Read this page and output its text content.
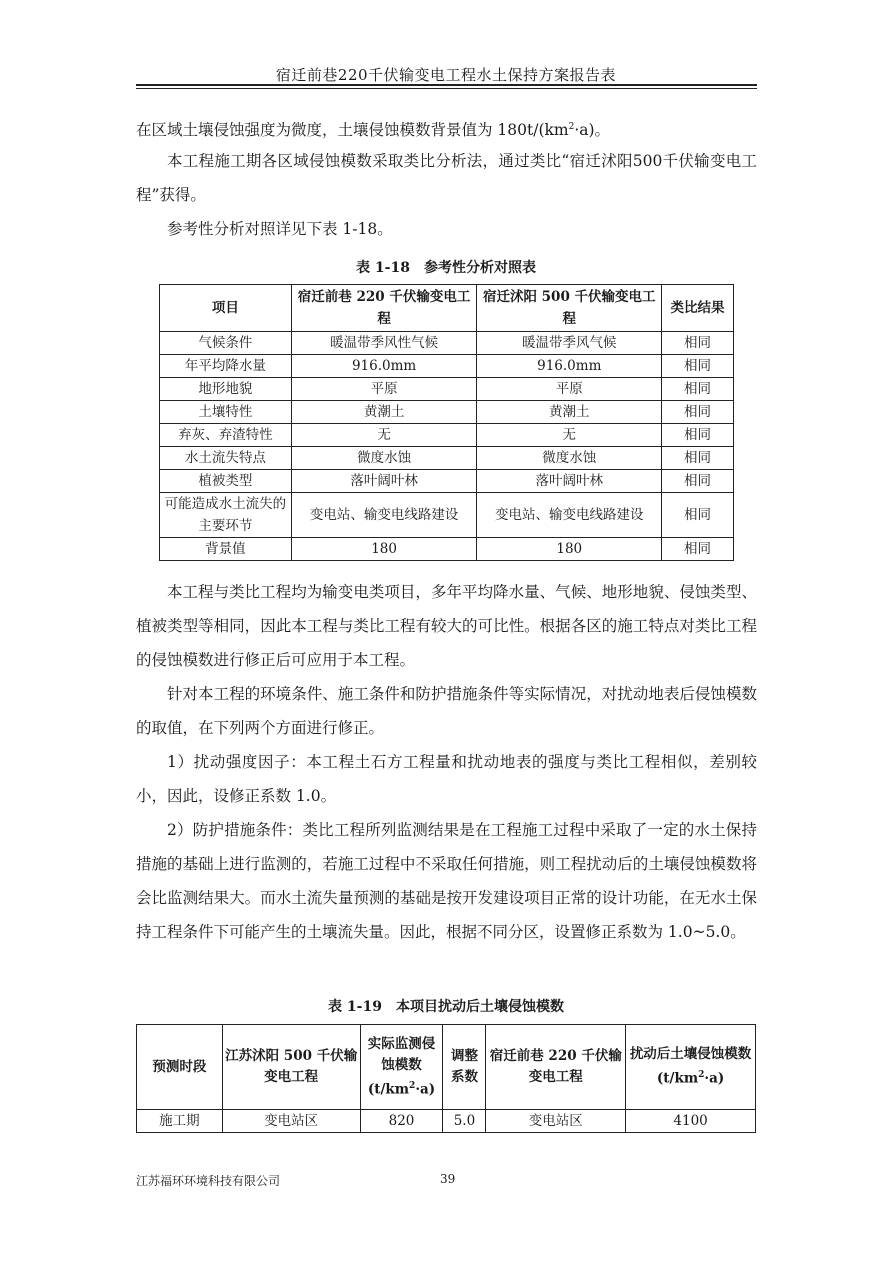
宿迁前巷220千伏输变电工程水土保持方案报告表

在区域土壤侵蚀强度为微度，土壤侵蚀模数背景值为 $180t/(km^2\cdot a)$。

本工程施工期各区域侵蚀模数采取类比分析法，通过类比“宿迁沭阳500千伏输变电工程”获得。

参考性分析对照详见下表 1-18。

表 1-18　参考性分析对照表
项目	宿迁前巷 220 千伏输变电工程	宿迁沭阳 500 千伏输变电工程	类比结果
气候条件	暖温带季风性气候	暖温带季风气候	相同
年平均降水量	916.0mm	916.0mm	相同
地形地貌	平原	平原	相同
土壤特性	黄潮土	黄潮土	相同
弃灰、弃渣特性	无	无	相同
水土流失特点	微度水蚀	微度水蚀	相同
植被类型	落叶阔叶林	落叶阔叶林	相同
可能造成水土流失的主要环节	变电站、输变电线路建设	变电站、输变电线路建设	相同
背景值	180	180	相同

本工程与类比工程均为输变电类项目，多年平均降水量、气候、地形地貌、侵蚀类型、植被类型等相同，因此本工程与类比工程有较大的可比性。根据各区的施工特点对类比工程的侵蚀模数进行修正后可应用于本工程。

针对本工程的环境条件、施工条件和防护措施条件等实际情况，对扰动地表后侵蚀模数的取值，在下列两个方面进行修正。

1）扰动强度因子：本工程土石方工程量和扰动地表的强度与类比工程相似，差别较小，因此，设修正系数 1.0。

2）防护措施条件：类比工程所列监测结果是在工程施工过程中采取了一定的水土保持措施的基础上进行监测的，若施工过程中不采取任何措施，则工程扰动后的土壤侵蚀模数将会比监测结果大。而水土流失量预测的基础是按开发建设项目正常的设计功能，在无水土保持工程条件下可能产生的土壤流失量。因此，根据不同分区，设置修正系数为 1.0~5.0。

表 1-19　本项目扰动后土壤侵蚀模数
预测时段	江苏沭阳 500 千伏输变电工程	实际监测侵蚀模数$(t/km^2\cdot a)$	调整系数	宿迁前巷 220 千伏输变电工程	扰动后土壤侵蚀模数$(t/km^2\cdot a)$
施工期	变电站区	820	5.0	变电站区	4100
江苏福环环境科技有限公司	39
